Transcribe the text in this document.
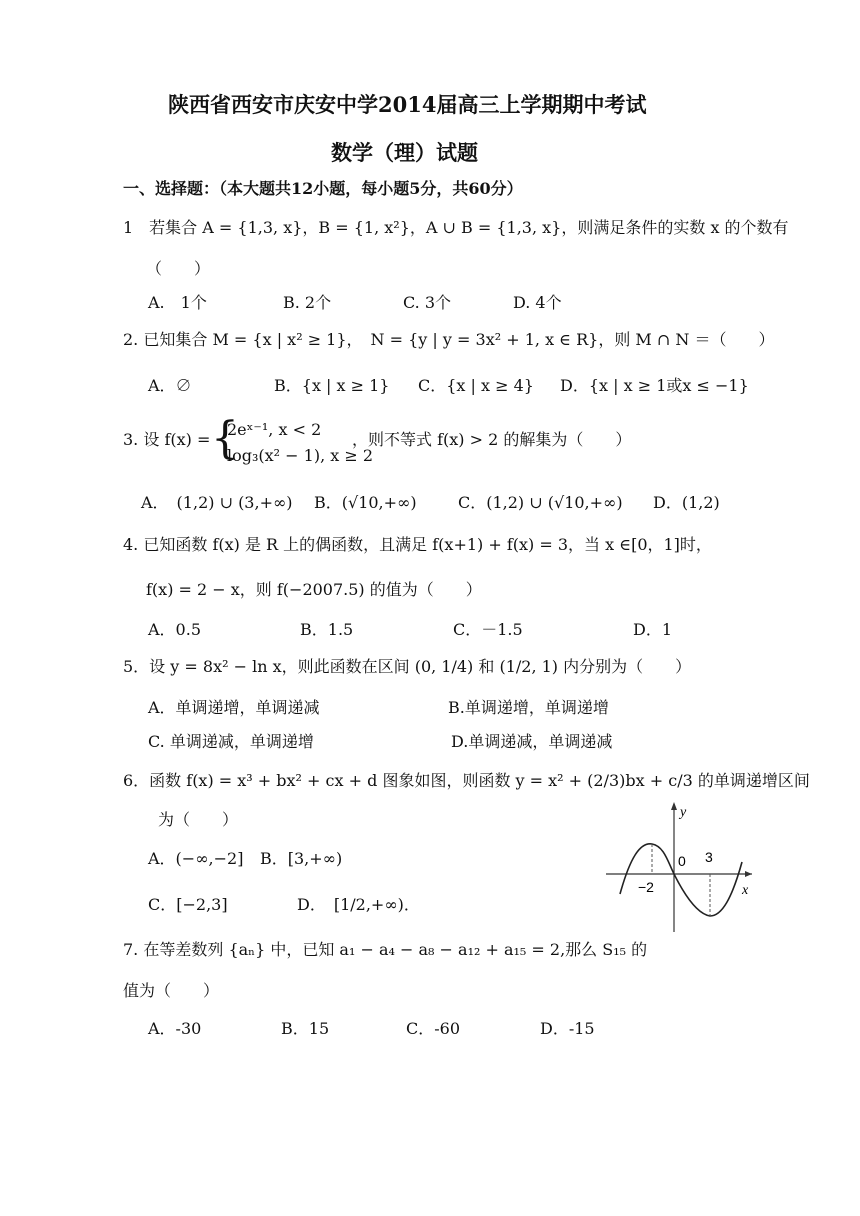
陕西省西安市庆安中学2014届高三上学期期中考试
数学（理）试题
一、选择题：（本大题共12小题，每小题5分，共60分）
1　若集合 A = {1,3, x}，B = {1, x²}，A ∪ B = {1,3, x}，则满足条件的实数 x 的个数有
（　　）
A.　1个	B. 2个	C. 3个	D. 4个
2. 已知集合 M = {x | x² ≥ 1}，　N = {y | y = 3x² + 1, x ∈ R}，则 M ∩ N ＝（　　）
A．∅	B．{x | x ≥ 1} C．{x | x ≥ 4} D．{x | x ≥ 1或x ≤ −1}
3. 设 f(x) = {
2eˣ⁻¹, x < 2
log₃(x² − 1), x ≥ 2
，则不等式 f(x) > 2 的解集为（　　）
A．　(1,2) ∪ (3,+∞) B．(√10,+∞)	C．(1,2) ∪ (√10,+∞) D．(1,2)
4. 已知函数 f(x) 是 R 上的偶函数，且满足 f(x+1) + f(x) = 3，当 x ∈[0，1]时，
f(x) = 2 − x，则 f(−2007.5) 的值为（　　）
A．0.5	B．1.5	C．－1.5	D．1
5．设 y = 8x² − ln x，则此函数在区间 (0, 1/4) 和 (1/2, 1) 内分别为（　　）
A．单调递增，单调递减	B.单调递增，单调递增
C. 单调递减，单调递增	D.单调递减，单调递减
6．函数 f(x) = x³ + bx² + cx + d 图象如图，则函数 y = x² + (2/3)bx + c/3 的单调递增区间
为（　　）
A．(−∞,−2] B．[3,+∞)
C．[−2,3]	D．　[1/2,+∞)．
y
0 3
−2	x
7. 在等差数列 {aₙ} 中，已知 a₁ − a₄ − a₈ − a₁₂ + a₁₅ = 2,那么 S₁₅ 的
值为（　　）
A．-30	B．15	C．-60	D．-15
